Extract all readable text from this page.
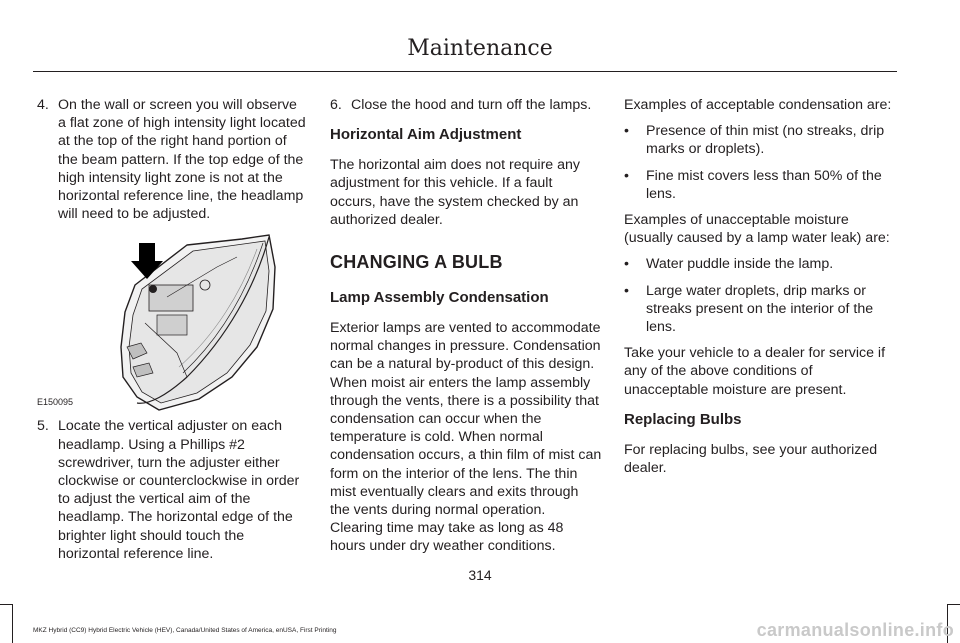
Maintenance
4. On the wall or screen you will observe a flat zone of high intensity light located at the top of the right hand portion of the beam pattern. If the top edge of the high intensity light zone is not at the horizontal reference line, the headlamp will need to be adjusted.
E150095
5. Locate the vertical adjuster on each headlamp. Using a Phillips #2 screwdriver, turn the adjuster either clockwise or counterclockwise in order to adjust the vertical aim of the headlamp. The horizontal edge of the brighter light should touch the horizontal reference line.
6. Close the hood and turn off the lamps.
Horizontal Aim Adjustment

The horizontal aim does not require any adjustment for this vehicle. If a fault occurs, have the system checked by an authorized dealer.

CHANGING A BULB
Lamp Assembly Condensation

Exterior lamps are vented to accommodate normal changes in pressure. Condensation can be a natural by-product of this design. When moist air enters the lamp assembly through the vents, there is a possibility that condensation can occur when the temperature is cold. When normal condensation occurs, a thin film of mist can form on the interior of the lens. The thin mist eventually clears and exits through the vents during normal operation. Clearing time may take as long as 48 hours under dry weather conditions.

Examples of acceptable condensation are:

•	Presence of thin mist (no streaks, drip marks or droplets).
•	Fine mist covers less than 50% of the lens.

Examples of unacceptable moisture (usually caused by a lamp water leak) are:

•	Water puddle inside the lamp.
•	Large water droplets, drip marks or streaks present on the interior of the lens.

Take your vehicle to a dealer for service if any of the above conditions of unacceptable moisture are present.

Replacing Bulbs

For replacing bulbs, see your authorized dealer.

314
MKZ Hybrid (CC9) Hybrid Electric Vehicle (HEV), Canada/United States of America, enUSA, First Printing	carmanualsonline.info
